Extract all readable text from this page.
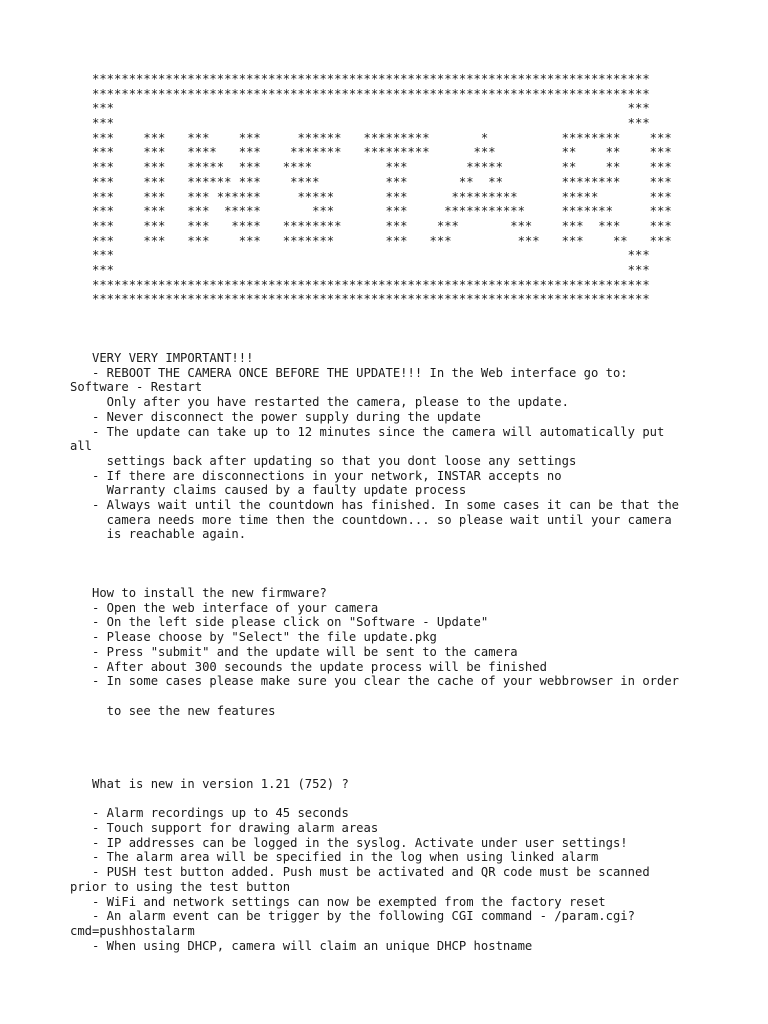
****************************************************************************
****************************************************************************
***                                                                      ***
***                                                                      ***
***    ***   ***    ***     ******   *********       *          ********    ***
***    ***   ****   ***    *******   *********      ***         **    **    ***
***    ***   *****  ***   ****          ***        *****        **    **    ***
***    ***   ****** ***    ****         ***       **  **        ********    ***
***    ***   *** ******     *****       ***      *********      *****       ***
***    ***   ***  *****       ***       ***     ***********     *******     ***
***    ***   ***   ****   ********      ***    ***       ***    ***  ***    ***
***    ***   ***    ***   *******       ***   ***         ***   ***    **   ***
***                                                                      ***
***                                                                      ***
****************************************************************************
****************************************************************************
VERY VERY IMPORTANT!!!
- REBOOT THE CAMERA ONCE BEFORE THE UPDATE!!! In the Web interface go to:
Software - Restart
Only after you have restarted the camera, please to the update.
- Never disconnect the power supply during the update
- The update can take up to 12 minutes since the camera will automatically put
all
settings back after updating so that you dont loose any settings
- If there are disconnections in your network, INSTAR accepts no
Warranty claims caused by a faulty update process
- Always wait until the countdown has finished. In some cases it can be that the
camera needs more time then the countdown... so please wait until your camera
is reachable again.
How to install the new firmware?
- Open the web interface of your camera
- On the left side please click on "Software - Update"
- Please choose by "Select" the file update.pkg
- Press "submit" and the update will be sent to the camera
- After about 300 secounds the update process will be finished
- In some cases please make sure you clear the cache of your webbrowser in order
to see the new features
What is new in version 1.21 (752) ?
- Alarm recordings up to 45 seconds
- Touch support for drawing alarm areas
- IP addresses can be logged in the syslog. Activate under user settings!
- The alarm area will be specified in the log when using linked alarm
- PUSH test button added. Push must be activated and QR code must be scanned
prior to using the test button
- WiFi and network settings can now be exempted from the factory reset
- An alarm event can be trigger by the following CGI command - /param.cgi?
cmd=pushhostalarm
- When using DHCP, camera will claim an unique DHCP hostname
